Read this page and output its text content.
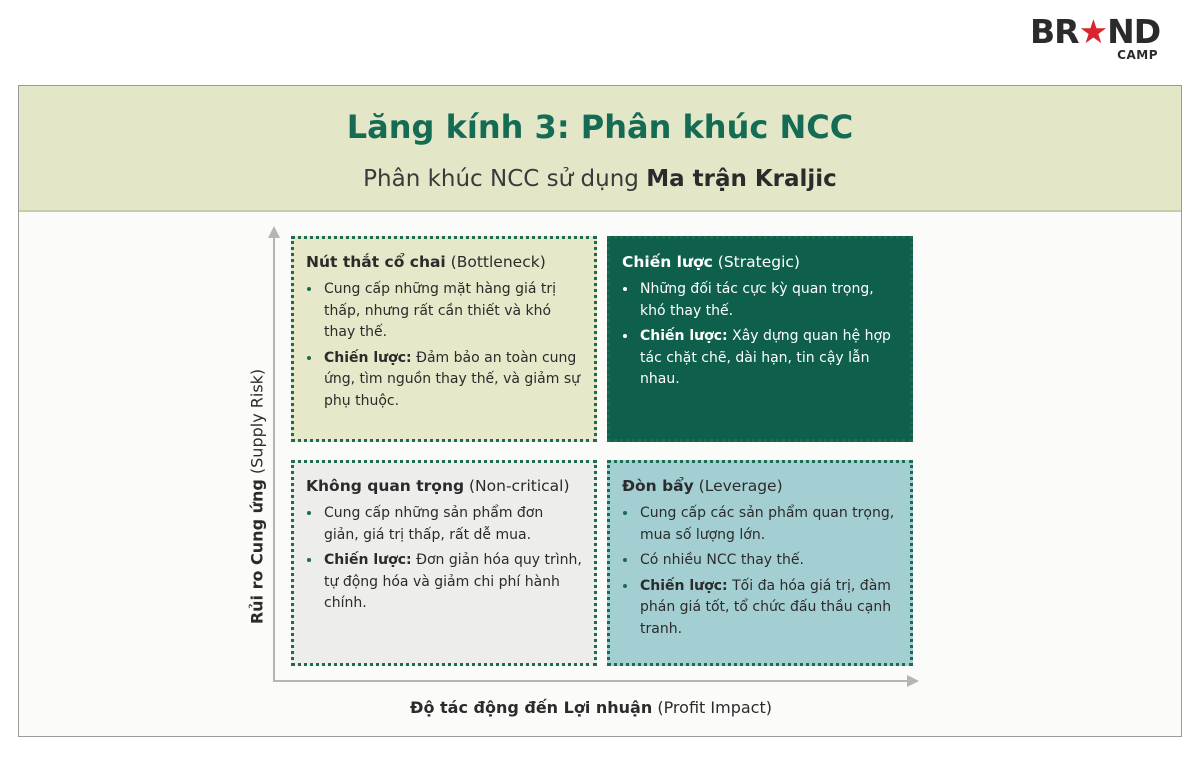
BR★ND
CAMP
Lăng kính 3: Phân khúc NCC
Phân khúc NCC sử dụng Ma trận Kraljic
Rủi ro Cung ứng (Supply Risk)
Độ tác động đến Lợi nhuận (Profit Impact)
Nút thắt cổ chai (Bottleneck)
• Cung cấp những mặt hàng giá trị thấp, nhưng rất cần thiết và khó thay thế.
• Chiến lược: Đảm bảo an toàn cung ứng, tìm nguồn thay thế, và giảm sự phụ thuộc.
Chiến lược (Strategic)
• Những đối tác cực kỳ quan trọng, khó thay thế.
• Chiến lược: Xây dựng quan hệ hợp tác chặt chẽ, dài hạn, tin cậy lẫn nhau.
Không quan trọng (Non-critical)
• Cung cấp những sản phẩm đơn giản, giá trị thấp, rất dễ mua.
• Chiến lược: Đơn giản hóa quy trình, tự động hóa và giảm chi phí hành chính.
Đòn bẩy (Leverage)
• Cung cấp các sản phẩm quan trọng, mua số lượng lớn.
• Có nhiều NCC thay thế.
• Chiến lược: Tối đa hóa giá trị, đàm phán giá tốt, tổ chức đấu thầu cạnh tranh.
